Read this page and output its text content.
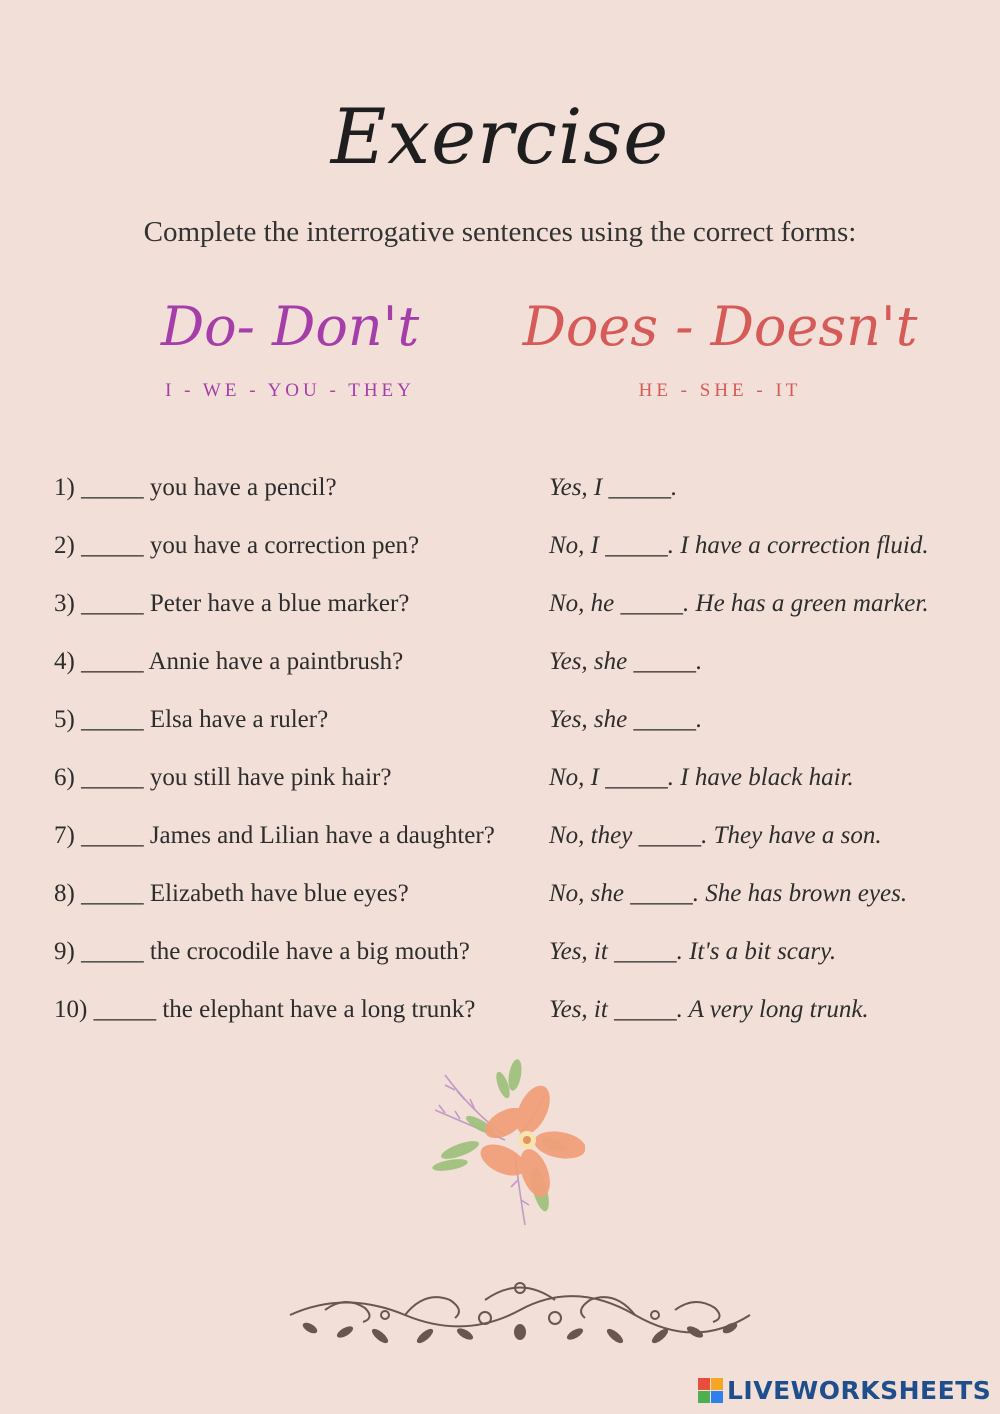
Exercise
Complete the interrogative sentences using the correct forms:
Do- Don't
I - WE - YOU - THEY
Does - Doesn't
HE - SHE - IT
1) _____ you have a pencil?	Yes, I _____.
2) _____ you have a correction pen?	No, I _____. I have a correction fluid.
3) _____ Peter have a blue marker?	No, he _____. He has a green marker.
4) _____ Annie have a paintbrush?	Yes, she _____.
5) _____ Elsa have a ruler?	Yes, she _____.
6) _____ you still have pink hair?	No, I _____. I have black hair.
7) _____ James and Lilian have a daughter? No, they _____. They have a son.
8) _____ Elizabeth have blue eyes?	No, she _____. She has brown eyes.
9) _____ the crocodile have a big mouth?	Yes, it _____. It's a bit scary.
10) _____ the elephant have a long trunk?	Yes, it _____. A very long trunk.
LIVEWORKSHEETS
